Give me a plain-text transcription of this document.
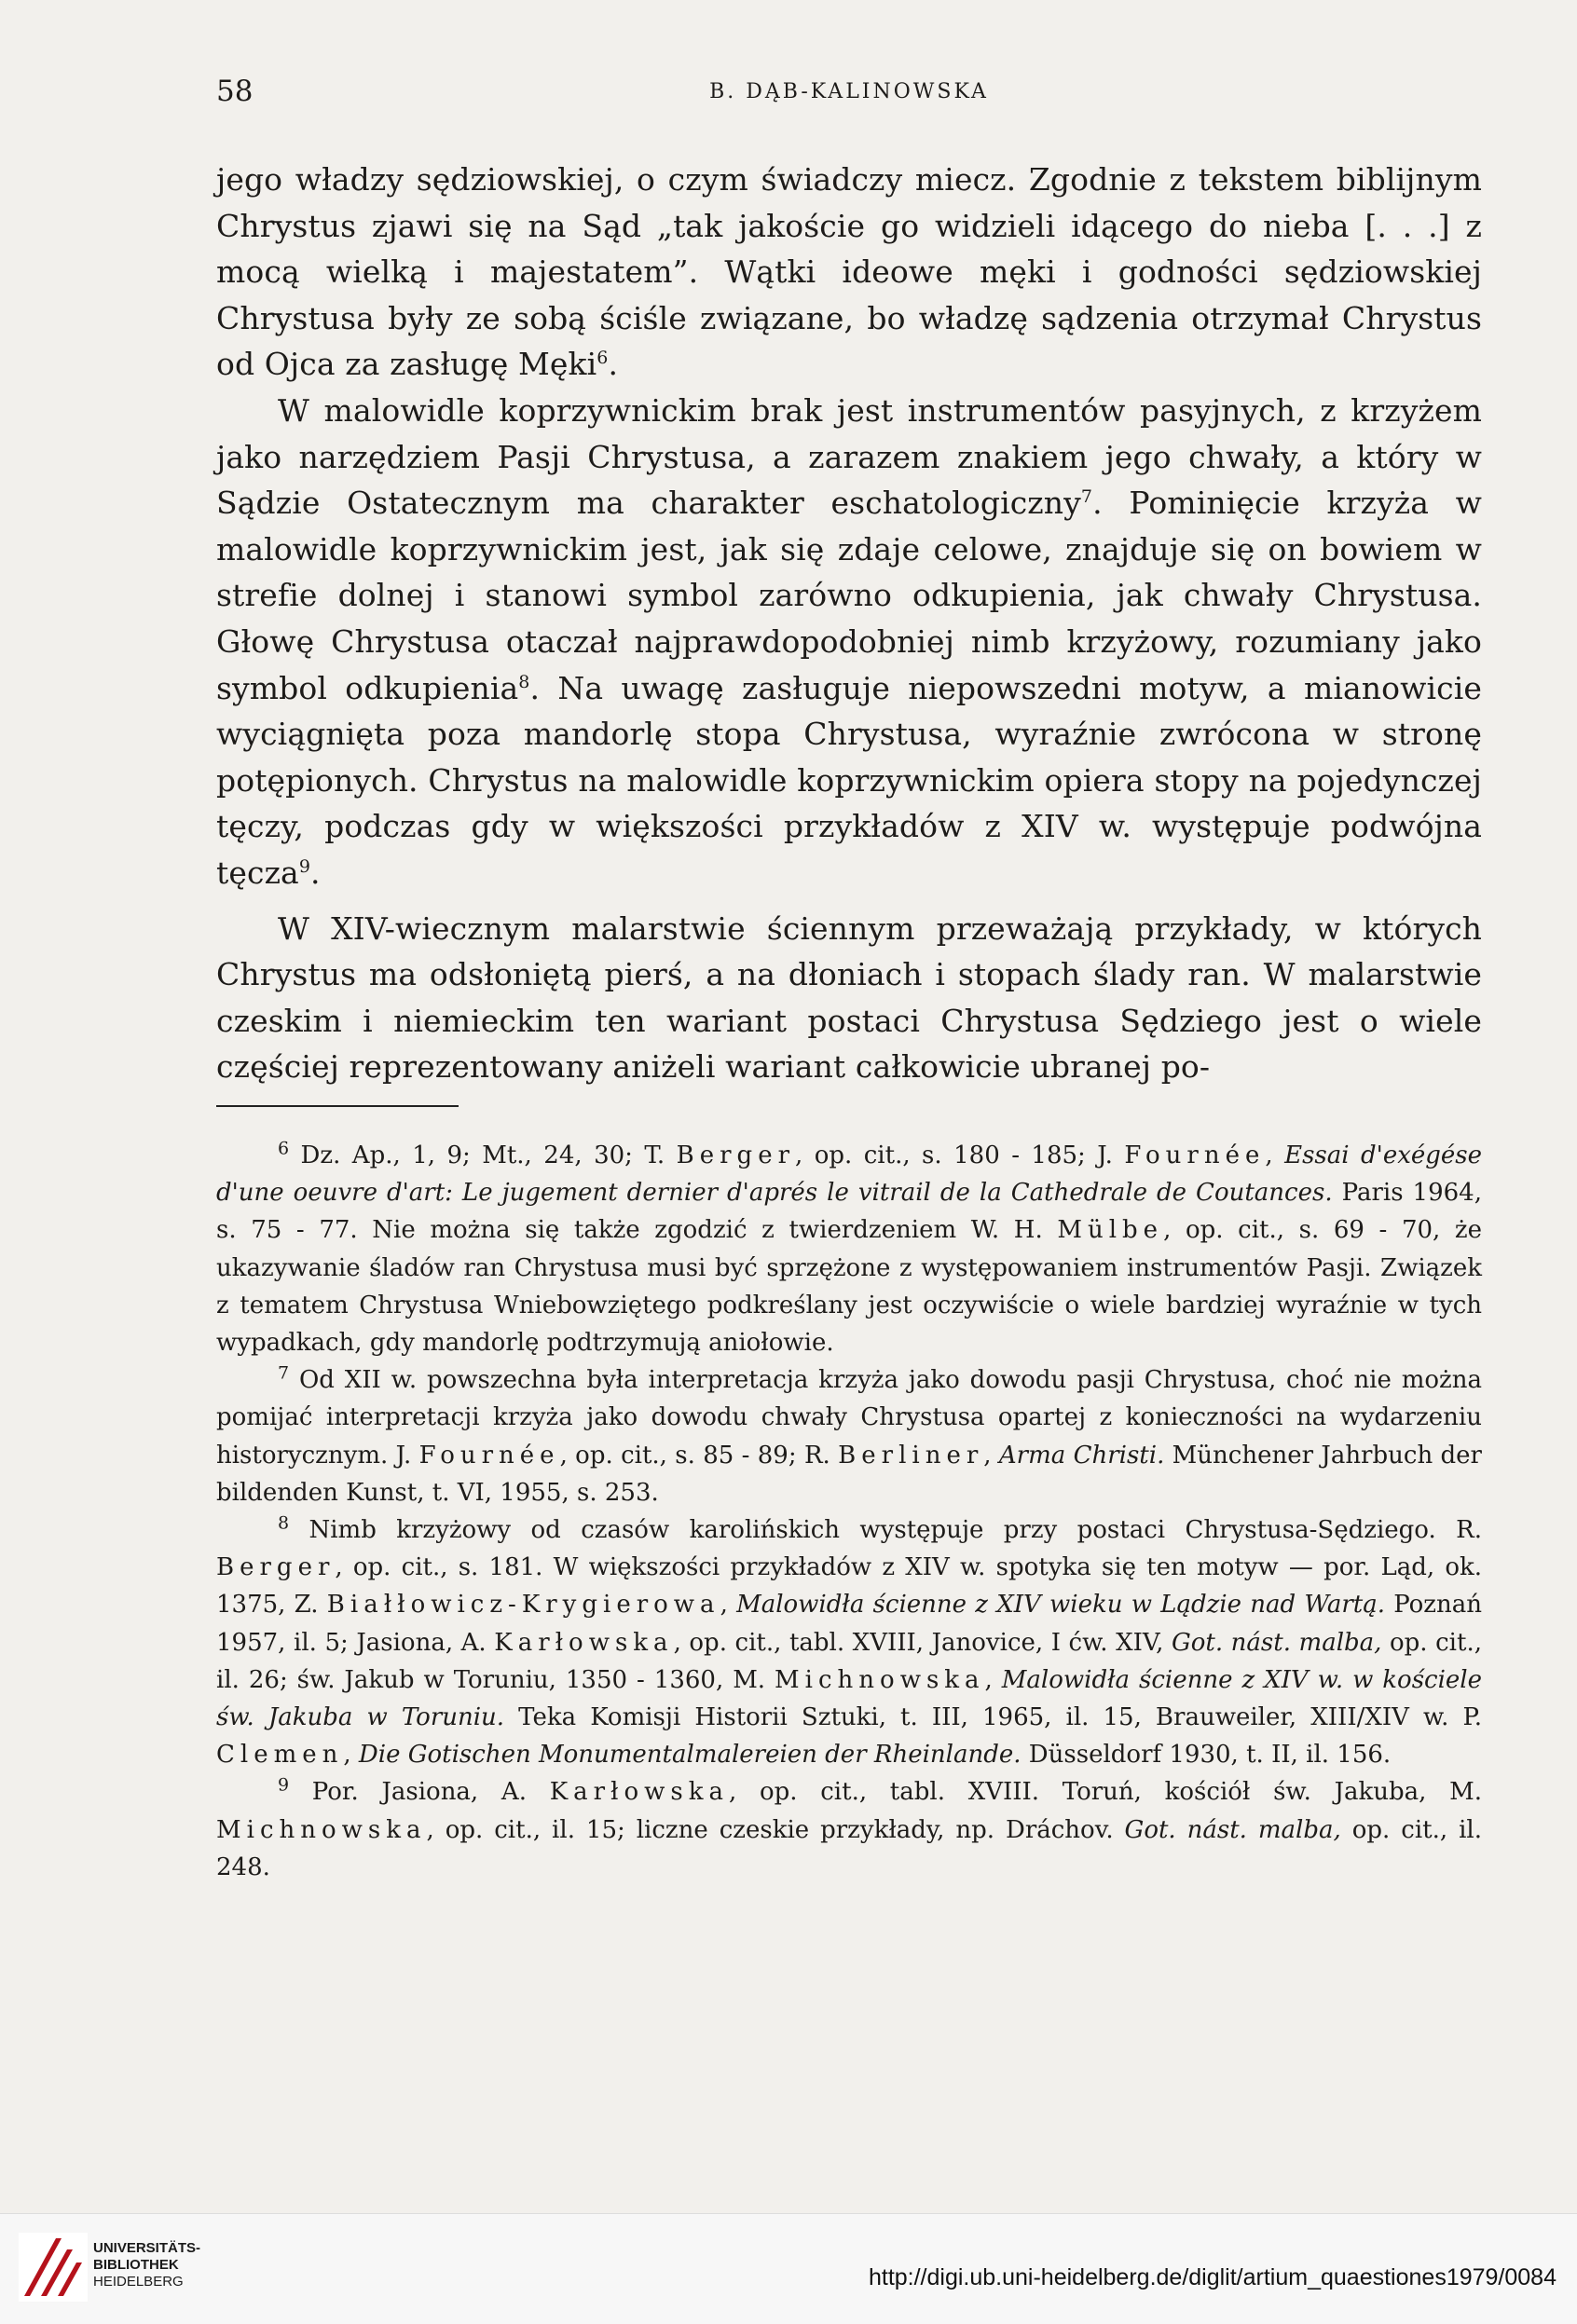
58	B. DĄB-KALINOWSKA

jego władzy sędziowskiej, o czym świadczy miecz. Zgodnie z tekstem biblijnym Chrystus zjawi się na Sąd „tak jakoście go widzieli idącego do nieba [. . .] z mocą wielką i majestatem”. Wątki ideowe męki i godności sędziowskiej Chrystusa były ze sobą ściśle związane, bo władzę sądzenia otrzymał Chrystus od Ojca za zasługę Męki$^6$.

W malowidle koprzywnickim brak jest instrumentów pasyjnych, z krzyżem jako narzędziem Pasji Chrystusa, a zarazem znakiem jego chwały, a który w Sądzie Ostatecznym ma charakter eschatologiczny$^7$. Pominięcie krzyża w malowidle koprzywnickim jest, jak się zdaje celowe, znajduje się on bowiem w strefie dolnej i stanowi symbol zarówno odkupienia, jak chwały Chrystusa. Głowę Chrystusa otaczał najprawdopodobniej nimb krzyżowy, rozumiany jako symbol odkupienia$^8$. Na uwagę zasługuje niepowszedni motyw, a mianowicie wyciągnięta poza mandorlę stopa Chrystusa, wyraźnie zwrócona w stronę potępionych. Chrystus na malowidle koprzywnickim opiera stopy na pojedynczej tęczy, podczas gdy w większości przykładów z XIV w. występuje podwójna tęcza$^9$.

W XIV-wiecznym malarstwie ściennym przeważają przykłady, w których Chrystus ma odsłoniętą pierś, a na dłoniach i stopach ślady ran. W malarstwie czeskim i niemieckim ten wariant postaci Chrystusa Sędziego jest o wiele częściej reprezentowany aniżeli wariant całkowicie ubranej po-

$^6$ Dz. Ap., 1, 9; Mt., 24, 30; T. Berger, op. cit., s. 180 - 185; J. Fournée, Essai d'exégése d'une oeuvre d'art: Le jugement dernier d'aprés le vitrail de la Cathedrale de Coutances. Paris 1964, s. 75 - 77. Nie można się także zgodzić z twierdzeniem W. H. Mülbe, op. cit., s. 69 - 70, że ukazywanie śladów ran Chrystusa musi być sprzężone z występowaniem instrumentów Pasji. Związek z tematem Chrystusa Wniebowziętego podkreślany jest oczywiście o wiele bardziej wyraźnie w tych wypadkach, gdy mandorlę podtrzymują aniołowie.

$^7$ Od XII w. powszechna była interpretacja krzyża jako dowodu pasji Chrystusa, choć nie można pomijać interpretacji krzyża jako dowodu chwały Chrystusa opartej z konieczności na wydarzeniu historycznym. J. Fournée, op. cit., s. 85 - 89; R. Berliner, Arma Christi. Münchener Jahrbuch der bildenden Kunst, t. VI, 1955, s. 253.

$^8$ Nimb krzyżowy od czasów karolińskich występuje przy postaci Chrystusa-Sędziego. R. Berger, op. cit., s. 181. W większości przykładów z XIV w. spotyka się ten motyw — por. Ląd, ok. 1375, Z. Białłowicz-Krygierowa, Malowidła ścienne z XIV wieku w Lądzie nad Wartą. Poznań 1957, il. 5; Jasiona, A. Karłowska, op. cit., tabl. XVIII, Janovice, I ćw. XIV, Got. nást. malba, op. cit., il. 26; św. Jakub w Toruniu, 1350 - 1360, M. Michnowska, Malowidła ścienne z XIV w. w kościele św. Jakuba w Toruniu. Teka Komisji Historii Sztuki, t. III, 1965, il. 15, Brauweiler, XIII/XIV w. P. Clemen, Die Gotischen Monumentalmalereien der Rheinlande. Düsseldorf 1930, t. II, il. 156.

$^9$ Por. Jasiona, A. Karłowska, op. cit., tabl. XVIII. Toruń, kościół św. Jakuba, M. Michnowska, op. cit., il. 15; liczne czeskie przykłady, np. Dráchov. Got. nást. malba, op. cit., il. 248.

UNIVERSITÄTS-
BIBLIOTHEK
HEIDELBERG	http://digi.ub.uni-heidelberg.de/diglit/artium_quaestiones1979/0084
